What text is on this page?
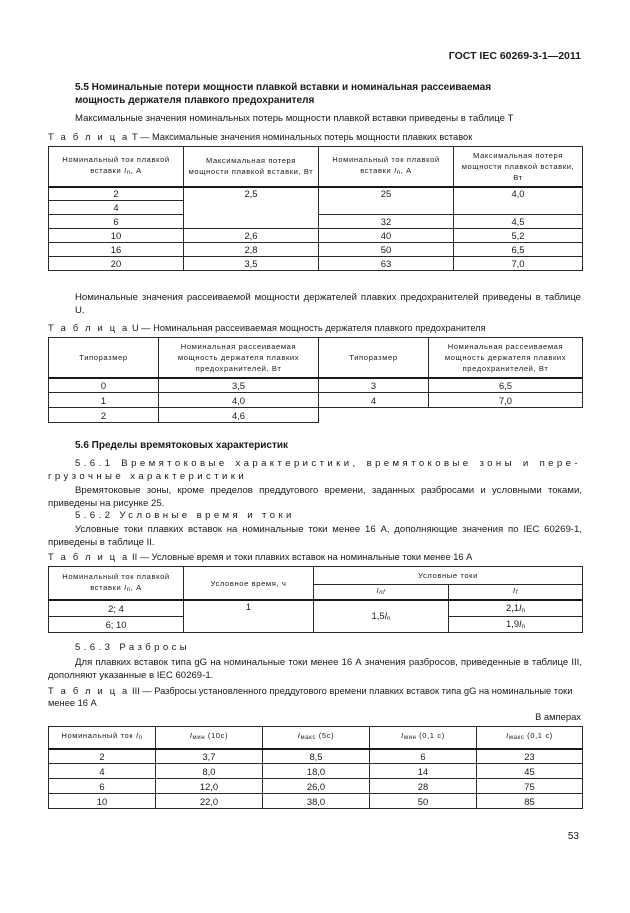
ГОСТ IEC 60269-3-1—2011
5.5 Номинальные потери мощности плавкой вставки и номинальная рассеиваемая
мощность держателя плавкого предохранителя
Максимальные значения номинальных потерь мощности плавкой вставки приведены в таблице T
Т а б л и ц а T — Максимальные значения номинальных потерь мощности плавких вставок
Номинальный ток плавкой вставки $I_n$, А	Максимальная потеря мощности плавкой вставки, Вт	Номинальный ток плавкой вставки $I_n$, А	Максимальная потеря мощности плавкой вставки, Вт
2	2,5	25	4,0
4			
6		32	4,5
10	2,6	40	5,2
16	2,8	50	6,5
20	3,5	63	7,0
Номинальные значения рассеиваемой мощности держателей плавких предохранителей приведены в таблице U.
Т а б л и ц а U — Номинальная рассеиваемая мощность держателя плавкого предохранителя
Типоразмер	Номинальная рассеиваемая мощность держателя плавких предохранителей, Вт	Типоразмер	Номинальная рассеиваемая мощность держателя плавких предохранителей, Вт
0	3,5	3	6,5
1	4,0	4	7,0
2	4,6		
5.6 Пределы времятоковых характеристик
5.6.1 Времятоковые характеристики, времятоковые зоны и пере-
грузочные характеристики
Времятоковые зоны, кроме пределов преддугового времени, заданных разбросами и условными токами, приведены на рисунке 25.
5.6.2 Условные время и токи
Условные токи плавких вставок на номинальные токи менее 16 А, дополняющие значения по IEC 60269-1, приведены в таблице II.
Т а б л и ц а II — Условные время и токи плавких вставок на номинальные токи менее 16 А
Номинальный ток плавкой вставки $I_n$, А	Условное время, ч	Условные токи	
		$I_{nf}$	$I_f$
2; 4	1	$1,5I_n$	$2,1I_n$
6; 10			$1,9I_n$
5.6.3 Разбросы
Для плавких вставок типа gG на номинальные токи менее 16 А значения разбросов, приведенные в таблице III, дополняют указанные в IEC 60269-1.
Т а б л и ц а III — Разбросы установленного преддугового времени плавких вставок типа gG на номинальные токи менее 16 А
В амперах
Номинальный ток $I_n$	$I_{мин}$ (10с)	$I_{макс}$ (5с)	$I_{мин}$ (0,1 с)	$I_{макс}$ (0,1 с)
2	3,7	8,5	6	23
4	8,0	18,0	14	45
6	12,0	26,0	28	75
10	22,0	38,0	50	85
53
